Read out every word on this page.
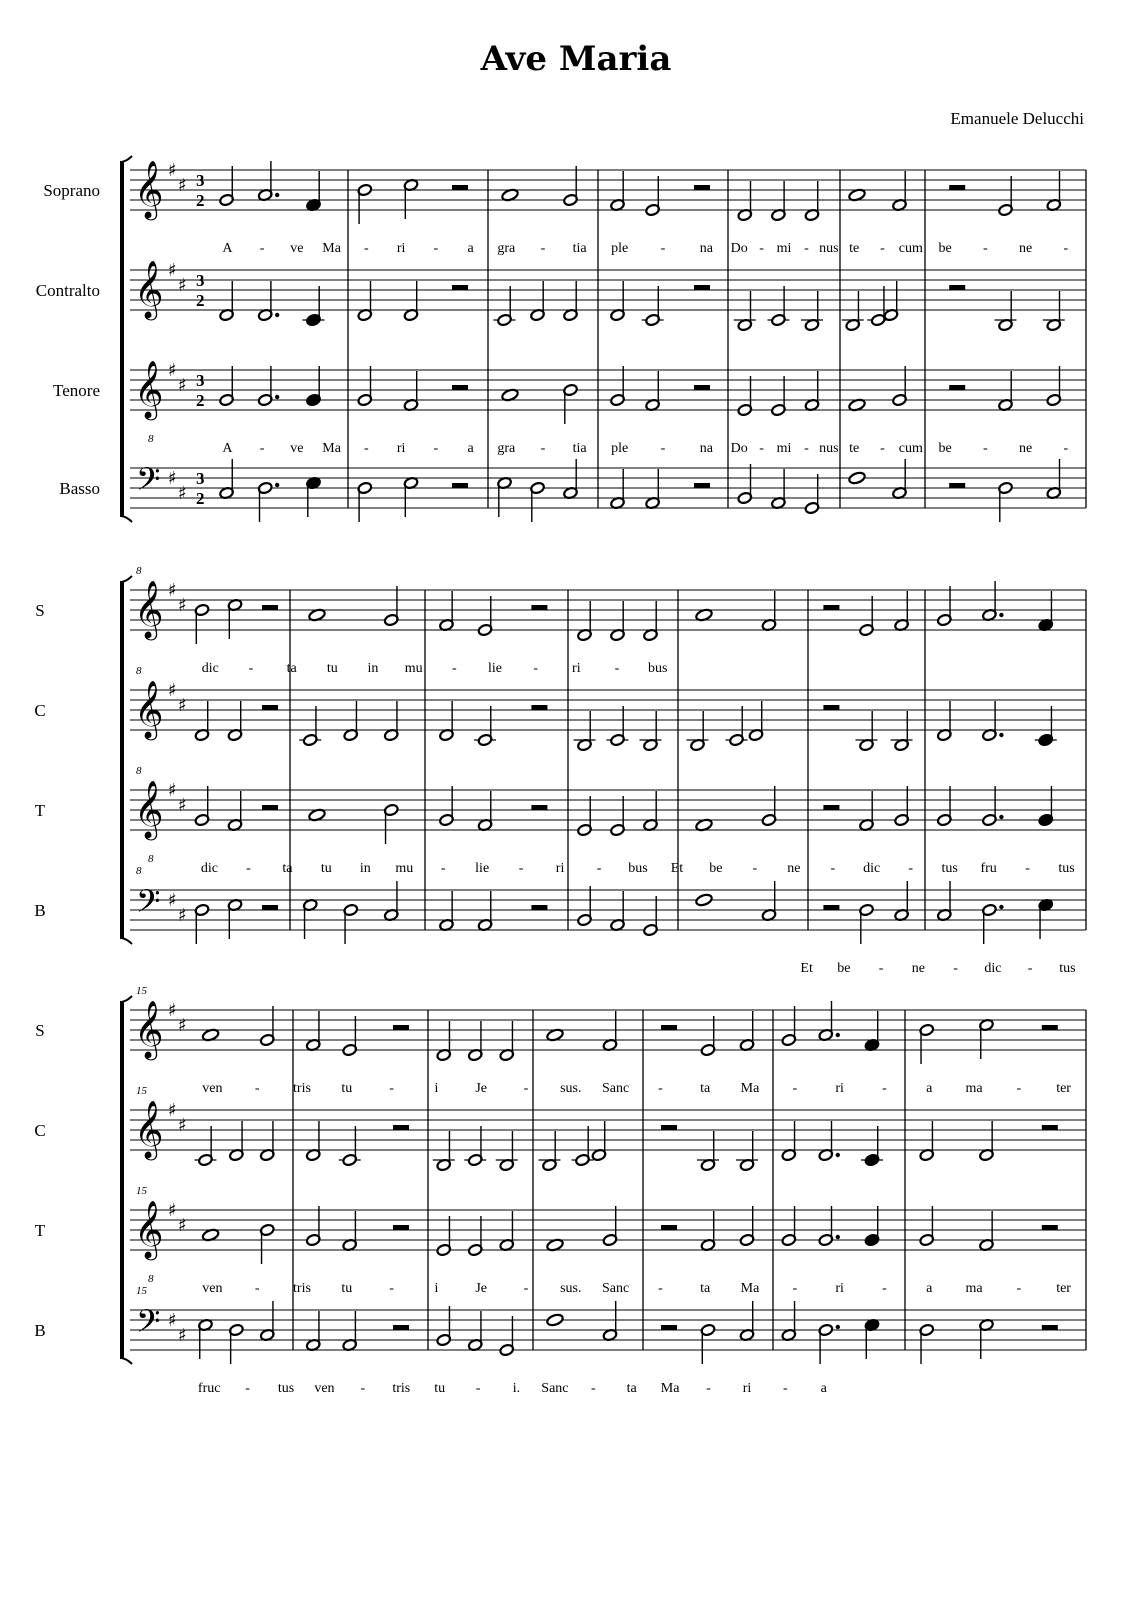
Ave Maria
Emanuele Delucchi
Soprano 𝄞 ♯
♯ 3
2
Contralto 𝄞 ♯
♯ 3
2
Tenore 𝄞
8
♯
♯ 3
2
Basso 𝄢 ♯
♯
3
2
A - ve Ma - ri - a gra - tia ple - na Do - mi - nus te - cum be - ne -
A - ve Ma - ri - a gra - tia ple - na Do - mi - nus te - cum be - ne -
S
8
𝄞 ♯
♯
C
8
𝄞 ♯
♯
T
8
𝄞
8
♯
♯
B
8
𝄢 ♯
♯
dic - ta tu in mu - lie - ri - bus
dic - ta tu in mu - lie - ri - bus Et be - ne - dic - tus fru - tus
Et be - ne - dic - tus
S
15
𝄞 ♯
♯
C
15
𝄞 ♯
♯
T
15
𝄞
8
♯
♯
B
15
𝄢 ♯
♯
ven - tris tu	-	i	Je	- sus. Sanc -	ta Ma -	ri	-	a ma -	ter
ven - tris tu	-	i	Je	- sus. Sanc -	ta Ma -	ri	-	a ma -	ter
fruc - tus ven - tris tu - i. Sanc - ta Ma - ri - a
